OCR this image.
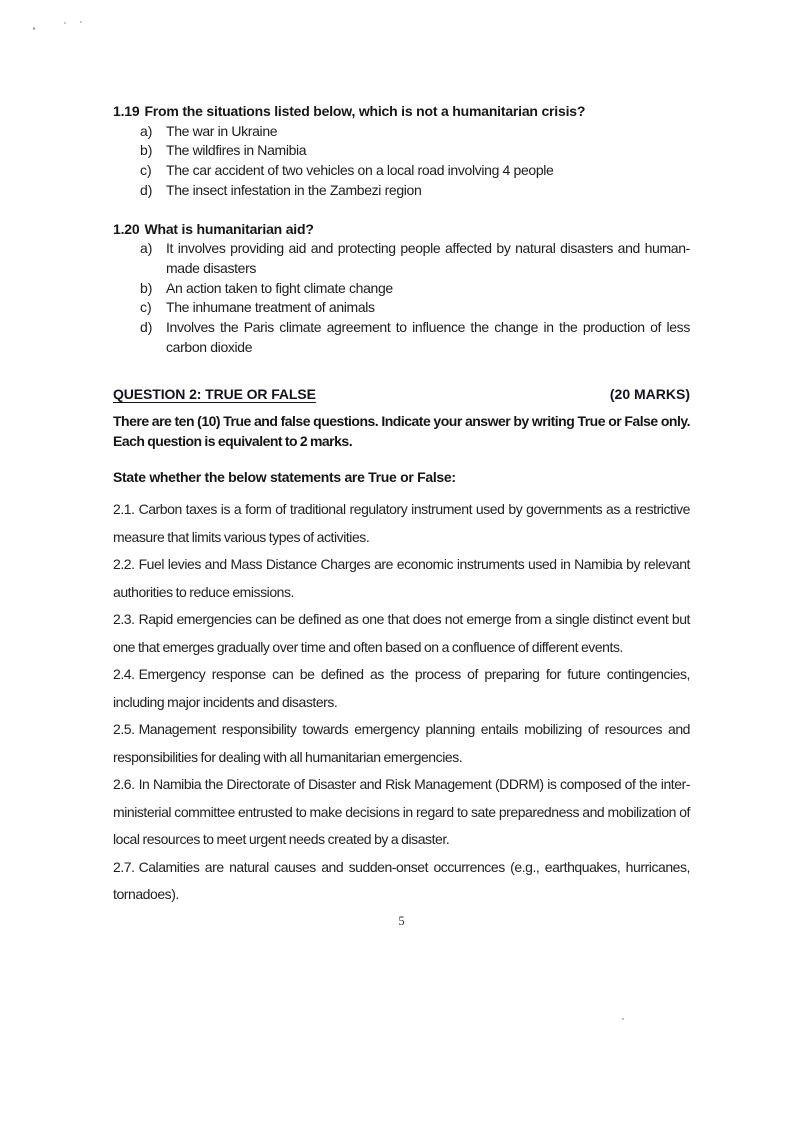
1.19 From the situations listed below, which is not a humanitarian crisis?

a) The war in Ukraine
b) The wildfires in Namibia
c)	The car accident of two vehicles on a local road involving 4 people
d) The insect infestation in the Zambezi region

1.20 What is humanitarian aid?

a) It involves providing aid and protecting people affected by natural disasters and human-made disasters
b) An action taken to fight climate change
c)	The inhumane treatment of animals
d) Involves the Paris climate agreement to influence the change in the production of less carbon dioxide
QUESTION 2: TRUE OR FALSE	(20 MARKS)

There are ten (10) True and false questions. Indicate your answer by writing True or False only. Each question is equivalent to 2 marks.

State whether the below statements are True or False:

2.1. Carbon taxes is a form of traditional regulatory instrument used by governments as a restrictive measure that limits various types of activities.

2.2. Fuel levies and Mass Distance Charges are economic instruments used in Namibia by relevant authorities to reduce emissions.

2.3. Rapid emergencies can be defined as one that does not emerge from a single distinct event but one that emerges gradually over time and often based on a confluence of different events.

2.4. Emergency response can be defined as the process of preparing for future contingencies, including major incidents and disasters.

2.5. Management responsibility towards emergency planning entails mobilizing of resources and responsibilities for dealing with all humanitarian emergencies.

2.6. In Namibia the Directorate of Disaster and Risk Management (DDRM) is composed of the inter-ministerial committee entrusted to make decisions in regard to sate preparedness and mobilization of local resources to meet urgent needs created by a disaster.

2.7. Calamities are natural causes and sudden-onset occurrences (e.g., earthquakes, hurricanes, tornadoes).

5
